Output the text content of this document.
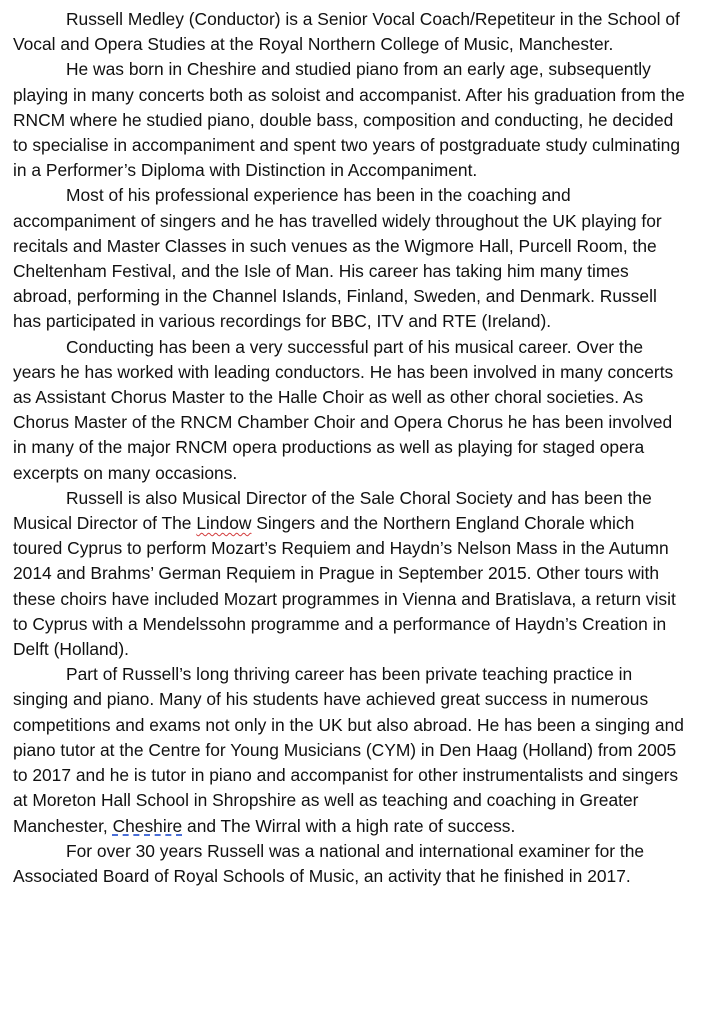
Russell Medley (Conductor) is a Senior Vocal Coach/Repetiteur in the School of Vocal and Opera Studies at the Royal Northern College of Music, Manchester.

He was born in Cheshire and studied piano from an early age, subsequently playing in many concerts both as soloist and accompanist. After his graduation from the RNCM where he studied piano, double bass, composition and conducting, he decided to specialise in accompaniment and spent two years of postgraduate study culminating in a Performer’s Diploma with Distinction in Accompaniment.

Most of his professional experience has been in the coaching and accompaniment of singers and he has travelled widely throughout the UK playing for recitals and Master Classes in such venues as the Wigmore Hall, Purcell Room, the Cheltenham Festival, and the Isle of Man. His career has taking him many times abroad, performing in the Channel Islands, Finland, Sweden, and Denmark. Russell has participated in various recordings for BBC, ITV and RTE (Ireland).

Conducting has been a very successful part of his musical career. Over the years he has worked with leading conductors. He has been involved in many concerts as Assistant Chorus Master to the Halle Choir as well as other choral societies. As Chorus Master of the RNCM Chamber Choir and Opera Chorus he has been involved in many of the major RNCM opera productions as well as playing for staged opera excerpts on many occasions.

Russell is also Musical Director of the Sale Choral Society and has been the Musical Director of The Lindow Singers and the Northern England Chorale which toured Cyprus to perform Mozart’s Requiem and Haydn’s Nelson Mass in the Autumn 2014 and Brahms’ German Requiem in Prague in September 2015. Other tours with these choirs have included Mozart programmes in Vienna and Bratislava, a return visit to Cyprus with a Mendelssohn programme and a performance of Haydn’s Creation in Delft (Holland).

Part of Russell’s long thriving career has been private teaching practice in singing and piano. Many of his students have achieved great success in numerous competitions and exams not only in the UK but also abroad. He has been a singing and piano tutor at the Centre for Young Musicians (CYM) in Den Haag (Holland) from 2005 to 2017 and he is tutor in piano and accompanist for other instrumentalists and singers at Moreton Hall School in Shropshire as well as teaching and coaching in Greater Manchester, Cheshire and The Wirral with a high rate of success.

For over 30 years Russell was a national and international examiner for the Associated Board of Royal Schools of Music, an activity that he finished in 2017.
